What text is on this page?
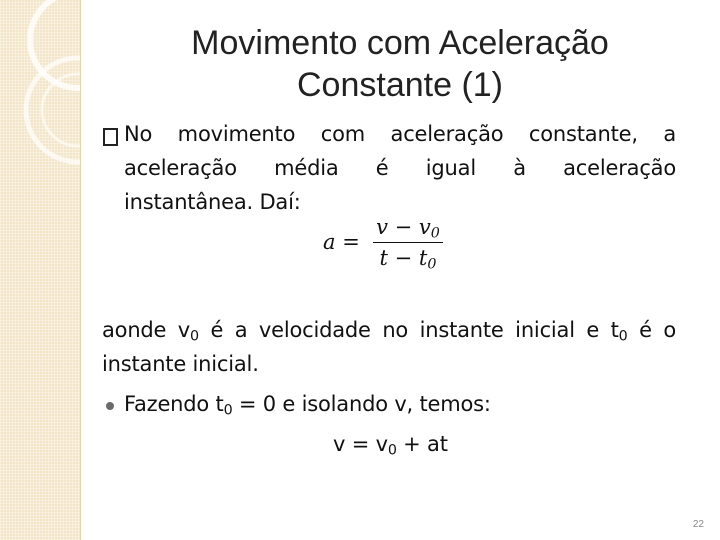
Movimento com Aceleração
Constante (1)
No movimento com aceleração constante, a
aceleração média é igual à aceleração
instantânea. Daí:
a =
$v - v_0$
$t - t_0$
aonde $v_0$ é a velocidade no instante inicial e $t_0$ é o
instante inicial.
Fazendo $t_0 = 0$ e isolando v, temos:
$v = v_0$ + at
22
